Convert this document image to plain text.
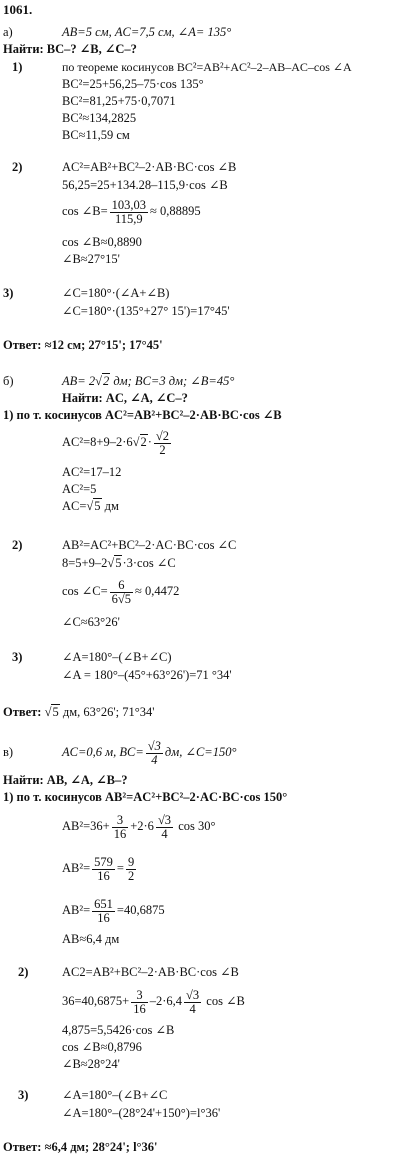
1061.
а)	AB=5 см, AC=7,5 см, ∠A= 135°
Найти: BC–? ∠B, ∠C–?
1)	по теореме косинусов BC²=AB²+AC²–2–AB–AC–cos ∠A
BC²=25+56,25–75·cos 135°
BC²=81,25+75·0,7071
BC²≈134,2825
BC≈11,59 см
2)	AC²=AB²+BC²–2·AB·BC·cos ∠B
56,25=25+134.28–115,9·cos ∠B
cos ∠B= $\frac{103,03}{115,9} \approx 0,88895$
cos ∠B≈0,8890
∠B≈27°15'
3)	∠C=180°·(∠A+∠B)
∠C=180°·(135°+27° 15')=17°45'
Ответ: ≈12 см; 27°15'; 17°45'
б)	AB= 2√2 дм; BC=3 дм; ∠B=45°
Найти: AC, ∠A, ∠C–?
1) по т. косинусов AC²=AB²+BC²–2·AB·BC·cos ∠B
$AC^2=8+9-2\cdot 6√2\cdot \frac{√2}{2}$
AC²=17–12
AC²=5
AC=√5 дм
2)	AB²=AC²+BC²–2·AC·BC·cos ∠C
8=5+9–2√5·3·cos ∠C
cos ∠C= $\frac{6}{6√5} \approx 0,4472$
∠C≈63°26'
3)	∠A=180°–(∠B+∠C)
∠A = 180°–(45°+63°26')=71 °34'
Ответ: √5 дм, 63°26'; 71°34'
в)	AC=0,6 м, $BC= \frac{√3}{4}$ дм, ∠C=150°
Найти: AB, ∠A, ∠B–?
1) по т. косинусов AB²=AC²+BC²–2·AC·BC·cos 150°
$AB^2=36+ \frac{3}{16} +2\cdot 6 \frac{√3}{4}$ cos 30°
$AB^2= \frac{579}{16} = \frac{9}{2}$
$AB^2= \frac{651}{16} =40,6875$
AB≈6,4 дм
2)	AC2=AB²+BC²–2·AB·BC·cos ∠B
$36=40,6875+ \frac{3}{16} -2\cdot 6,4 \frac{√3}{4}$ cos ∠B
4,875=5,5426·cos ∠B
cos ∠B≈0,8796
∠B≈28°24'
3)	∠A=180°–(∠B+∠C
∠A=180°–(28°24'+150°)=l°36'
Ответ: ≈6,4 дм; 28°24'; l°36'
